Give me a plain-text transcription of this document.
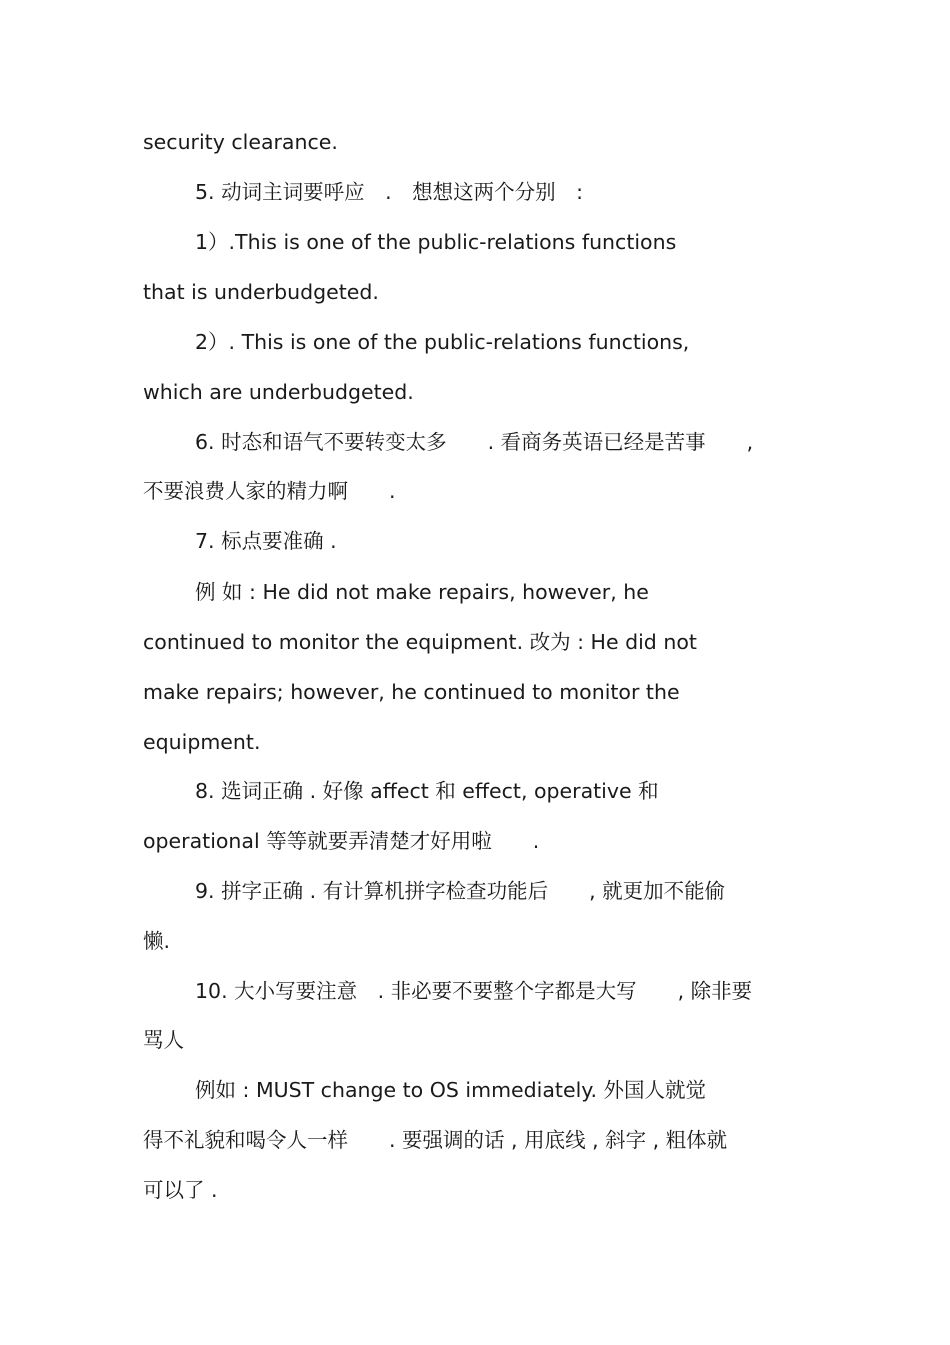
security clearance.
5. 动词主词要呼应　.　想想这两个分别　:
1）.This is one of the public-relations functions
that is underbudgeted.
2）. This is one of the public-relations functions,
which are underbudgeted.
6. 时态和语气不要转变太多　　. 看商务英语已经是苦事　　,
不要浪费人家的精力啊　　.
7. 标点要准确 .
例 如 : He did not make repairs, however, he
continued to monitor the equipment. 改为 : He did not
make repairs; however, he continued to monitor the
equipment.
8. 选词正确 . 好像 affect 和 effect, operative 和
operational 等等就要弄清楚才好用啦　　.
9. 拼字正确 . 有计算机拼字检查功能后　　, 就更加不能偷
懒.
10. 大小写要注意　. 非必要不要整个字都是大写　　, 除非要
骂人
例如 : MUST change to OS immediately. 外国人就觉
得不礼貌和喝令人一样　　. 要强调的话 , 用底线 , 斜字 , 粗体就
可以了 .
